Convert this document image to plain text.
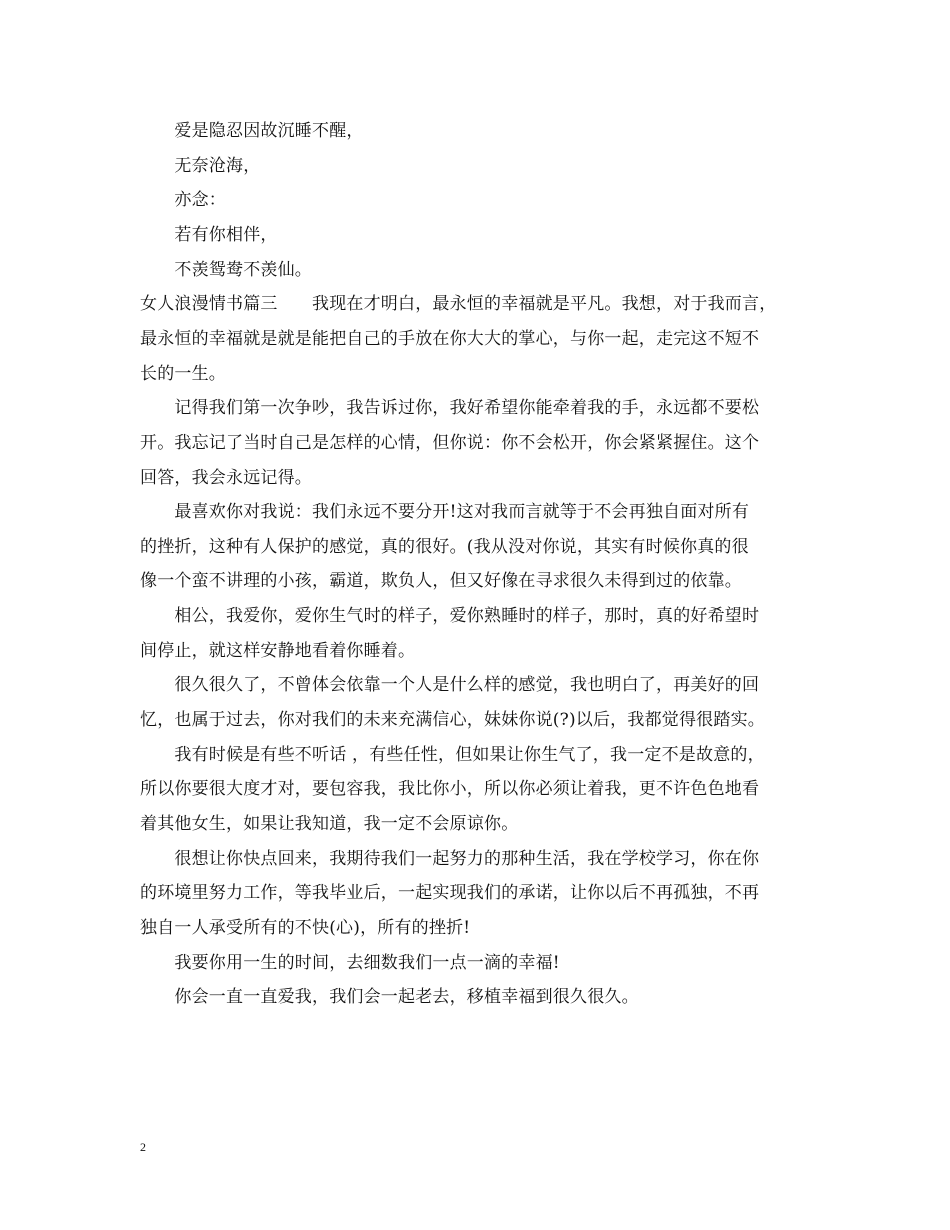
　　爱是隐忍因故沉睡不醒，
　　无奈沧海，
　　亦念：
　　若有你相伴，
　　不羡鸳鸯不羡仙。
女人浪漫情书篇三　　我现在才明白，最永恒的幸福就是平凡。我想，对于我而言，
最永恒的幸福就是就是能把自己的手放在你大大的掌心，与你一起，走完这不短不
长的一生。
　　记得我们第一次争吵，我告诉过你，我好希望你能牵着我的手，永远都不要松
开。我忘记了当时自己是怎样的心情，但你说：你不会松开，你会紧紧握住。这个
回答，我会永远记得。
　　最喜欢你对我说：我们永远不要分开!这对我而言就等于不会再独自面对所有
的挫折，这种有人保护的感觉，真的很好。(我从没对你说，其实有时候你真的很
像一个蛮不讲理的小孩，霸道，欺负人，但又好像在寻求很久未得到过的依靠。
　　相公，我爱你，爱你生气时的样子，爱你熟睡时的样子，那时，真的好希望时
间停止，就这样安静地看着你睡着。
　　很久很久了，不曾体会依靠一个人是什么样的感觉，我也明白了，再美好的回
忆，也属于过去，你对我们的未来充满信心，妹妹你说(?)以后，我都觉得很踏实。
　　我有时候是有些不听话 ，有些任性，但如果让你生气了，我一定不是故意的，
所以你要很大度才对，要包容我，我比你小，所以你必须让着我，更不许色色地看
着其他女生，如果让我知道，我一定不会原谅你。
　　很想让你快点回来，我期待我们一起努力的那种生活，我在学校学习，你在你
的环境里努力工作，等我毕业后，一起实现我们的承诺，让你以后不再孤独，不再
独自一人承受所有的不快(心)，所有的挫折!
　　我要你用一生的时间，去细数我们一点一滴的幸福!
　　你会一直一直爱我，我们会一起老去，移植幸福到很久很久。
2
